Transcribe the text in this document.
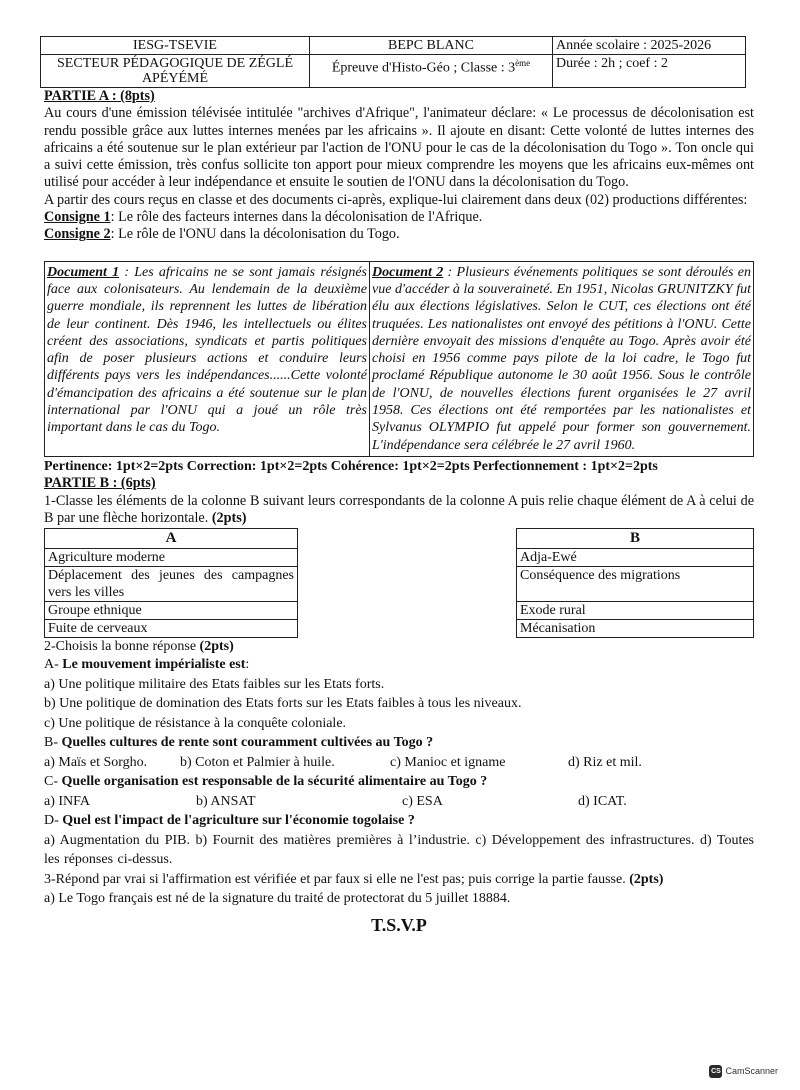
IESG-TSEVIE	BEPC BLANC	Année scolaire : 2025-2026
SECTEUR PÉDAGOGIQUE DE ZÉGLÉ APÉYÉMÉ	Épreuve d'Histo-Géo ; Classe : 3ème	Durée : 2h ; coef : 2
PARTIE A : (8pts)

Au cours d'une émission télévisée intitulée "archives d'Afrique", l'animateur déclare: « Le processus de décolonisation est rendu possible grâce aux luttes internes menées par les africains ». Il ajoute en disant: Cette volonté de luttes internes des africains a été soutenue sur le plan extérieur par l'action de l'ONU pour le cas de la décolonisation du Togo ». Ton oncle qui a suivi cette émission, très confus sollicite ton apport pour mieux comprendre les moyens que les africains eux-mêmes ont utilisé pour accéder à leur indépendance et ensuite le soutien de l'ONU dans la décolonisation du Togo.

A partir des cours reçus en classe et des documents ci-après, explique-lui clairement dans deux (02) productions différentes:

Consigne 1: Le rôle des facteurs internes dans la décolonisation de l'Afrique.
Consigne 2: Le rôle de l'ONU dans la décolonisation du Togo.
Document 1 : Les africains ne se sont jamais résignés face aux colonisateurs. Au lendemain de la deuxième guerre mondiale, ils reprennent les luttes de libération de leur continent. Dès 1946, les intellectuels ou élites créent des associations, syndicats et partis politiques afin de poser plusieurs actions et conduire leurs différents pays vers les indépendances......Cette volonté d'émancipation des africains a été soutenue sur le plan international par l'ONU qui a joué un rôle très important dans le cas du Togo.	Document 2 : Plusieurs événements politiques se sont déroulés en vue d'accéder à la souveraineté. En 1951, Nicolas GRUNITZKY fut élu aux élections législatives. Selon le CUT, ces élections ont été truquées. Les nationalistes ont envoyé des pétitions à l'ONU. Cette dernière envoyait des missions d'enquête au Togo. Après avoir été choisi en 1956 comme pays pilote de la loi cadre, le Togo fut proclamé République autonome le 30 août 1956. Sous le contrôle de l'ONU, de nouvelles élections furent organisées le 27 avril 1958. Ces élections ont été remportées par les nationalistes et Sylvanus OLYMPIO fut appelé pour former son gouvernement. L'indépendance sera célébrée le 27 avril 1960.
Pertinence: 1pt×2=2pts Correction: 1pt×2=2pts Cohérence: 1pt×2=2pts Perfectionnement : 1pt×2=2pts
PARTIE B : (6pts)

1-Classe les éléments de la colonne B suivant leurs correspondants de la colonne A puis relie chaque élément de A à celui de B par une flèche horizontale. (2pts)

A		B
Agriculture moderne		Adja-Ewé
Déplacement des jeunes des campagnes vers les villes		Conséquence des migrations
Groupe ethnique		Exode rural
Fuite de cerveaux		Mécanisation
2-Choisis la bonne réponse (2pts)
A- Le mouvement impérialiste est:
a) Une politique militaire des Etats faibles sur les Etats forts.
b) Une politique de domination des Etats forts sur les Etats faibles à tous les niveaux.
c) Une politique de résistance à la conquête coloniale.
B- Quelles cultures de rente sont couramment cultivées au Togo ?
a) Maïs et Sorgho.	b) Coton et Palmier à huile.	c) Manioc et igname	d) Riz et mil.
C- Quelle organisation est responsable de la sécurité alimentaire au Togo ?
a) INFA	b) ANSAT	c) ESA	d) ICAT.
D- Quel est l'impact de l'agriculture sur l'économie togolaise ?

a) Augmentation du PIB. b) Fournit des matières premières à l’industrie. c) Développement des infrastructures. d) Toutes les réponses ci-dessus.

3-Répond par vrai si l'affirmation est vérifiée et par faux si elle ne l'est pas; puis corrige la partie fausse. (2pts)
a) Le Togo français est né de la signature du traité de protectorat du 5 juillet 18884.
T.S.V.P
CS CamScanner
